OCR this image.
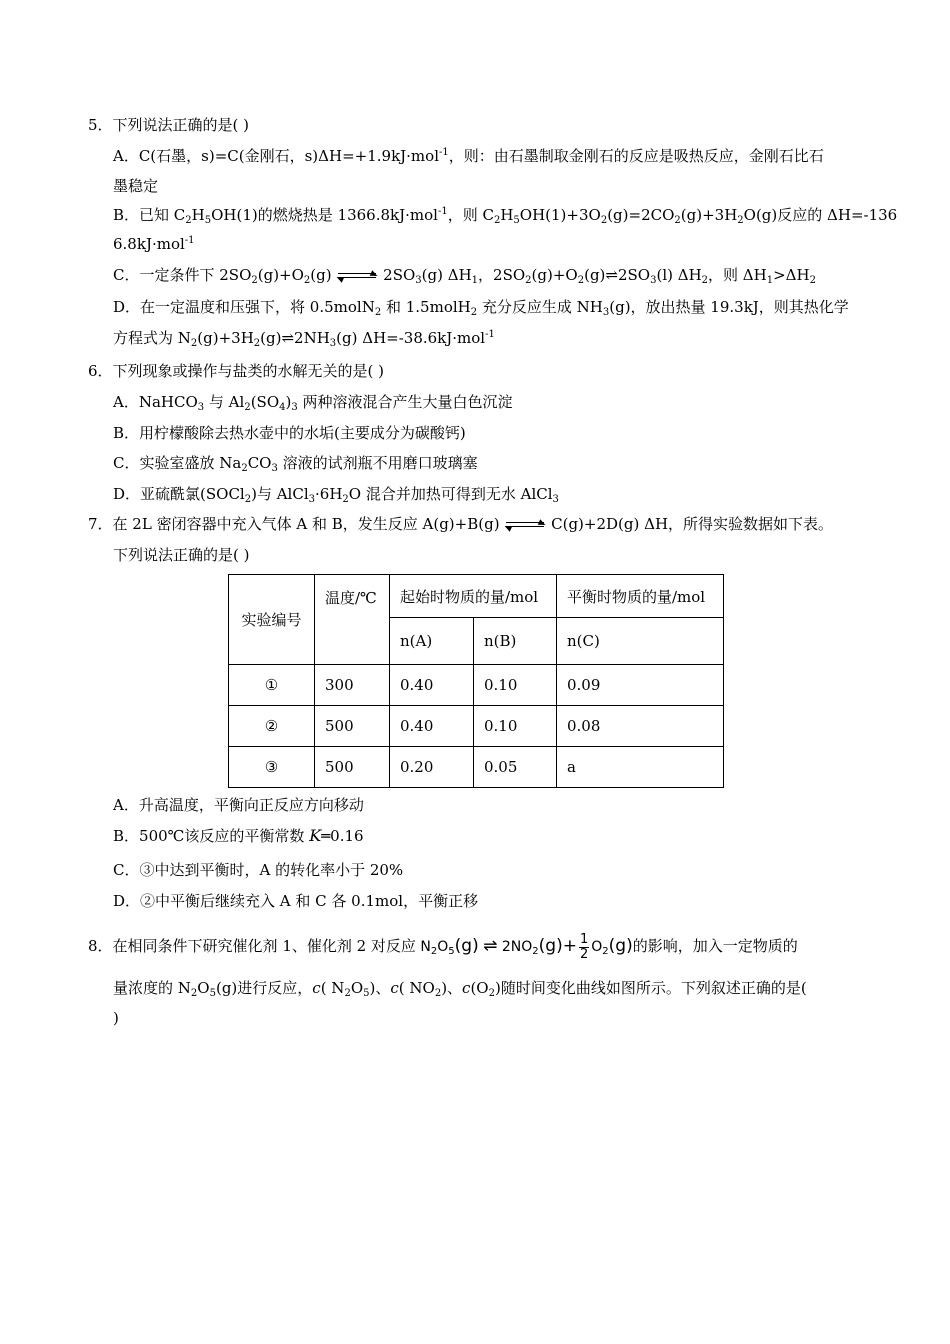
5．下列说法正确的是( )
A．C(石墨，s)=C(金刚石，s)ΔH=+1.9kJ·mol$^{-1}$，则：由石墨制取金刚石的反应是吸热反应，金刚石比石
墨稳定
B．已知 $C_2H_5OH(1)$的燃烧热是 1366.8kJ·mol$^{-1}$，则 $C_2H_5OH(1)+3O_2(g)=2CO_2(g)+3H_2O(g)$反应的 ΔH=-136
6.8kJ·mol$^{-1}$
C．一定条件下 $2SO_2(g)+O_2(g)$	$2SO_3(g)$ $\Delta H_1$，$2SO_2(g)+O_2(g)\rightleftharpoons 2SO_3(l)$ $\Delta H_2$，则 $\Delta H_1>\Delta H_2$
D．在一定温度和压强下，将 0.5molN$_2$ 和 1.5molH$_2$ 充分反应生成 $NH_3(g)$，放出热量 19.3kJ，则其热化学
方程式为 $N_2(g)+3H_2(g)\rightleftharpoons 2NH_3(g)$ ΔH=-38.6kJ·mol$^{-1}$
6．下列现象或操作与盐类的水解无关的是( )
A．NaHCO$_3$ 与 $Al_2(SO_4)_3$ 两种溶液混合产生大量白色沉淀
B．用柠檬酸除去热水壶中的水垢(主要成分为碳酸钙)
C．实验室盛放 $Na_2CO_3$ 溶液的试剂瓶不用磨口玻璃塞
D．亚硫酰氯(SOCl$_2$)与 $AlCl_3\cdot 6H_2O$ 混合并加热可得到无水 AlCl$_3$
7．在 2L 密闭容器中充入气体 A 和 B，发生反应 A(g)+B(g)	C(g)+2D(g) ΔH，所得实验数据如下表。
下列说法正确的是( )
实验编号	温度/℃	起始时物质的量/mol		平衡时物质的量/mol
		n(A)	n(B)	n(C)
①	300	0.40	0.10	0.09
②	500	0.40	0.10	0.08
③	500	0.20	0.05	a
A．升高温度，平衡向正反应方向移动
B．500℃该反应的平衡常数 K═0.16
C．③中达到平衡时，A 的转化率小于 20%
D．②中平衡后继续充入 A 和 C 各 0.1mol，平衡正移
8．在相同条件下研究催化剂 1、催化剂 2 对反应 $N_2O_5(g)$ ⇌ $2NO_2(g)+ \frac{1}{2} O_2(g)$的影响，加入一定物质的
量浓度的 $N_2O_5(g)$进行反应，c( $N_2O_5$)、c( $NO_2$)、$c(O_2)$随时间变化曲线如图所示。下列叙述正确的是(
)
